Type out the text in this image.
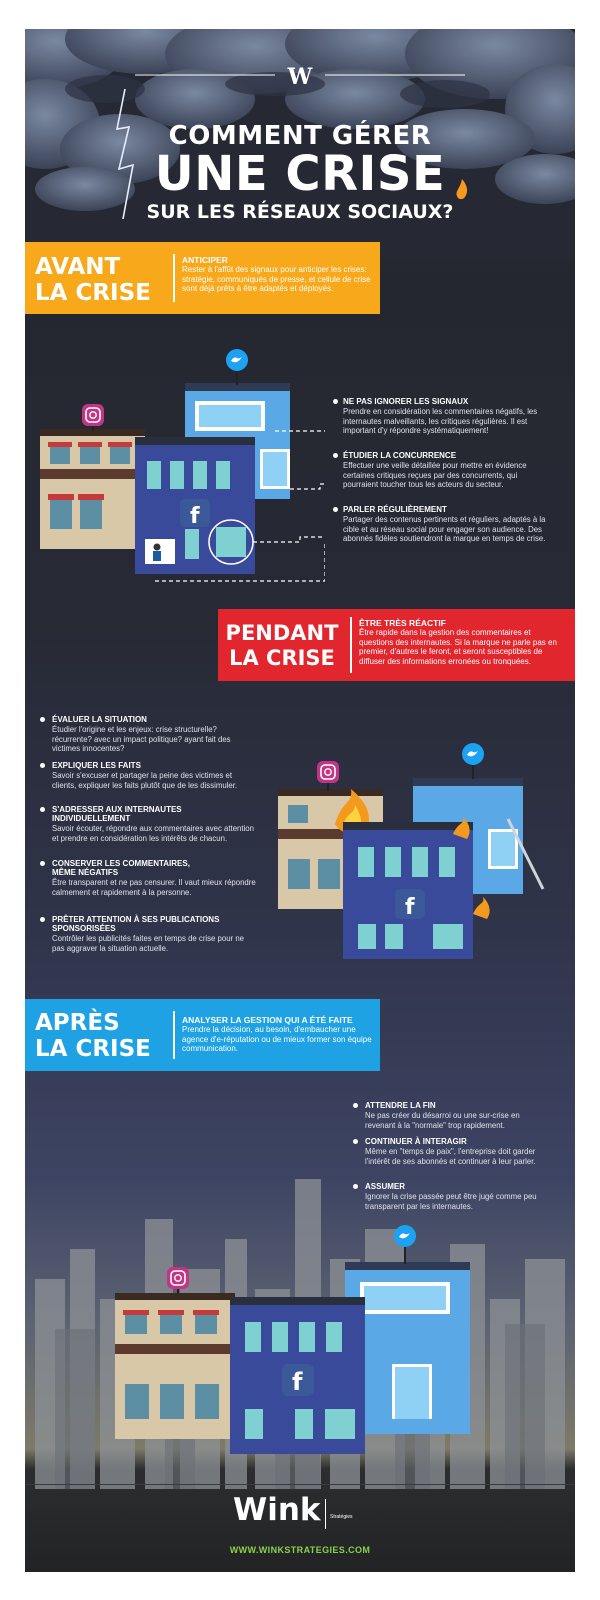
W
COMMENT GÉRER
UNE CRISE
SUR LES RÉSEAUX SOCIAUX?
AVANT
LA CRISE
ANTICIPER
Rester à l'affût des signaux pour anticiper les crises: stratégie, communiqués de presse, et cellule de crise sont déjà prêts à être adaptés et déployés.
f
NE PAS IGNORER LES SIGNAUX
Prendre en considération les commentaires négatifs, les internautes malveillants, les critiques régulières. Il est important d'y répondre systématiquement!
ÉTUDIER LA CONCURRENCE
Effectuer une veille détaillée pour mettre en évidence certaines critiques reçues par des concurrents, qui pourraient toucher tous les acteurs du secteur.
PARLER RÉGULIÈREMENT
Partager des contenus pertinents et réguliers, adaptés à la cible et au réseau social pour engager son audience. Des abonnés fidèles soutiendront la marque en temps de crise.
PENDANT
LA CRISE
ÊTRE TRÈS RÉACTIF
Être rapide dans la gestion des commentaires et questions des internautes. Si la marque ne parle pas en premier, d'autres le feront, et seront susceptibles de diffuser des informations erronées ou tronquées.
ÉVALUER LA SITUATION
Étudier l'origine et les enjeux: crise structurelle? récurrente? avec un impact politique? ayant fait des victimes innocentes?
EXPLIQUER LES FAITS
Savoir s'excuser et partager la peine des victimes et clients, expliquer les faits plutôt que de les dissimuler.
S'ADRESSER AUX INTERNAUTES INDIVIDUELLEMENT
Savoir écouter, répondre aux commentaires avec attention et prendre en considération les intérêts de chacun.
CONSERVER LES COMMENTAIRES, MÊME NÉGATIFS
Être transparent et ne pas censurer. Il vaut mieux répondre calmement et rapidement à la personne.
PRÊTER ATTENTION À SES PUBLICATIONS SPONSORISÉES
Contrôler les publicités faites en temps de crise pour ne pas aggraver la situation actuelle.
f
APRÈS
LA CRISE
ANALYSER LA GESTION QUI A ÉTÉ FAITE
Prendre la décision, au besoin, d'embaucher une agence d'e-réputation ou de mieux former son équipe communication.
ATTENDRE LA FIN
Ne pas créer du désarroi ou une sur-crise en revenant à la "normale" trop rapidement.
CONTINUER À INTERAGIR
Même en "temps de paix", l'entreprise doit garder l'intérêt de ses abonnés et continuer à leur parler.
ASSUMER
Ignorer la crise passée peut être jugé comme peu transparent par les internautes.
f
Wink Stratégies
WWW.WINKSTRATEGIES.COM
